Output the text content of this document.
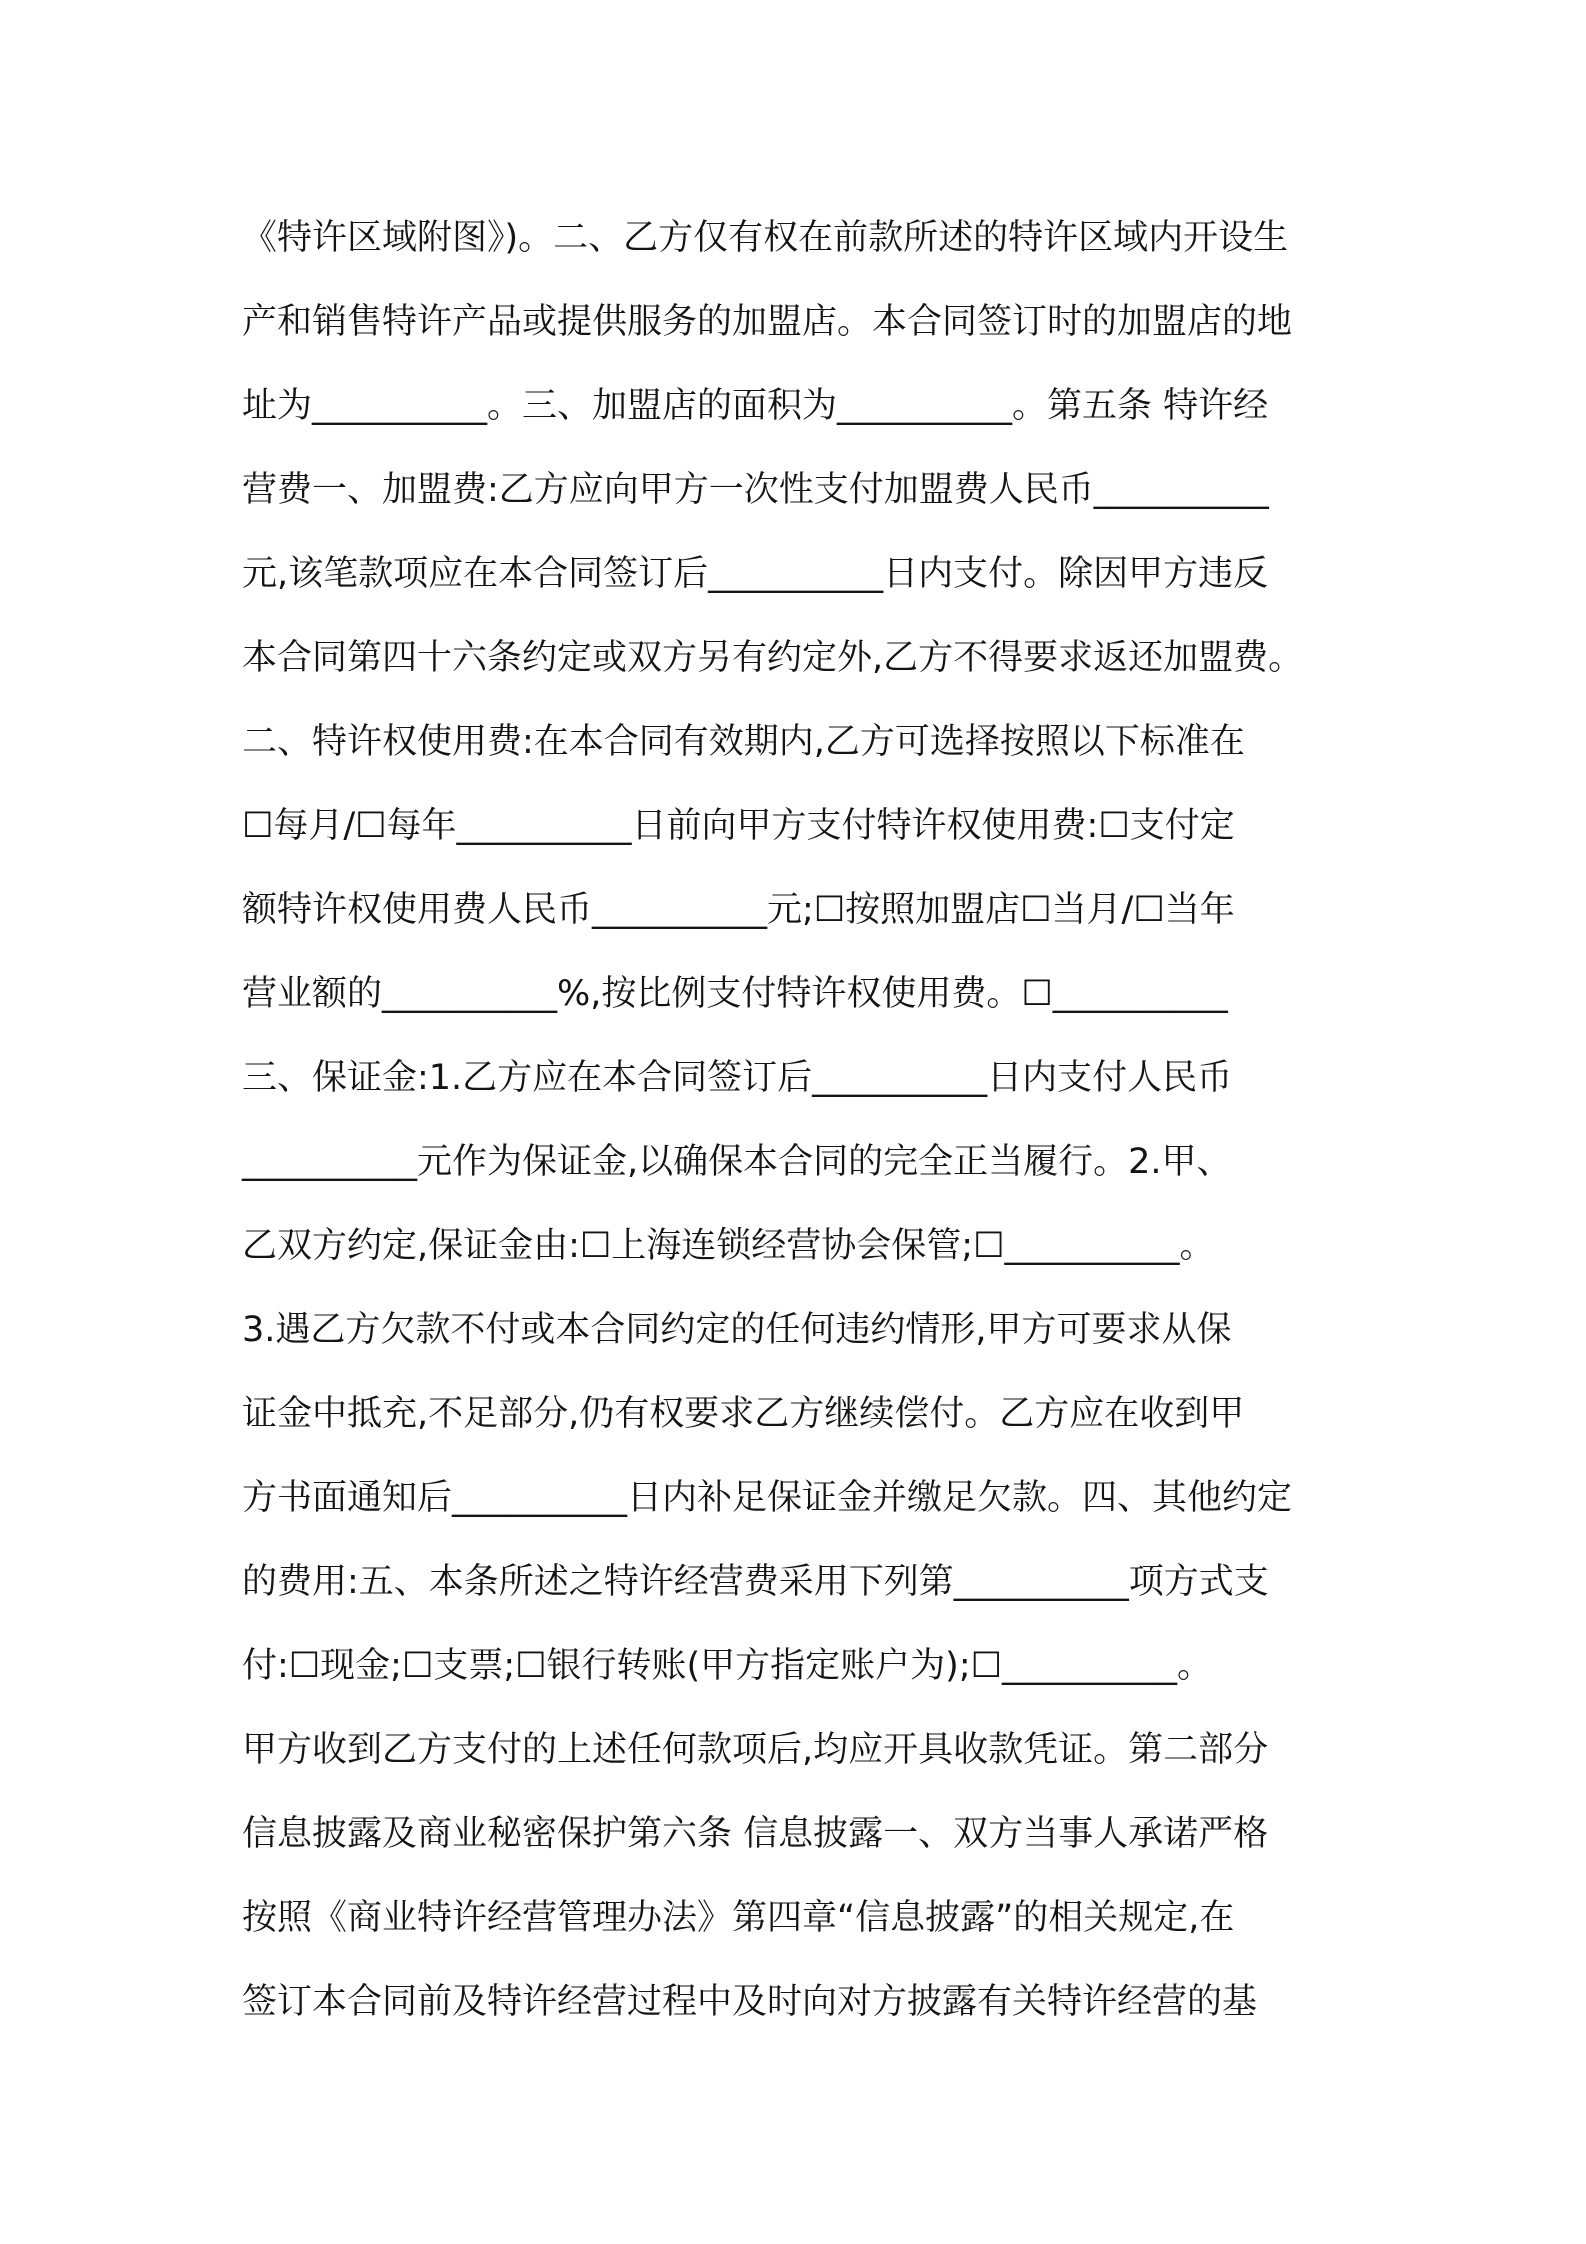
《特许区域附图》)。二、乙方仅有权在前款所述的特许区域内开设生
产和销售特许产品或提供服务的加盟店。本合同签订时的加盟店的地
址为__________。三、加盟店的面积为__________。第五条 特许经
营费一、加盟费:乙方应向甲方一次性支付加盟费人民币__________
元,该笔款项应在本合同签订后__________日内支付。除因甲方违反
本合同第四十六条约定或双方另有约定外,乙方不得要求返还加盟费。
二、特许权使用费:在本合同有效期内,乙方可选择按照以下标准在
☐每月/☐每年__________日前向甲方支付特许权使用费:☐支付定
额特许权使用费人民币__________元;☐按照加盟店☐当月/☐当年
营业额的__________%,按比例支付特许权使用费。☐__________
三、保证金:1.乙方应在本合同签订后__________日内支付人民币
__________元作为保证金,以确保本合同的完全正当履行。2.甲、
乙双方约定,保证金由:☐上海连锁经营协会保管;☐__________。
3.遇乙方欠款不付或本合同约定的任何违约情形,甲方可要求从保
证金中抵充,不足部分,仍有权要求乙方继续偿付。乙方应在收到甲
方书面通知后__________日内补足保证金并缴足欠款。四、其他约定
的费用:五、本条所述之特许经营费采用下列第__________项方式支
付:☐现金;☐支票;☐银行转账(甲方指定账户为);☐__________。
甲方收到乙方支付的上述任何款项后,均应开具收款凭证。第二部分
信息披露及商业秘密保护第六条 信息披露一、双方当事人承诺严格
按照《商业特许经营管理办法》第四章“信息披露”的相关规定,在
签订本合同前及特许经营过程中及时向对方披露有关特许经营的基
